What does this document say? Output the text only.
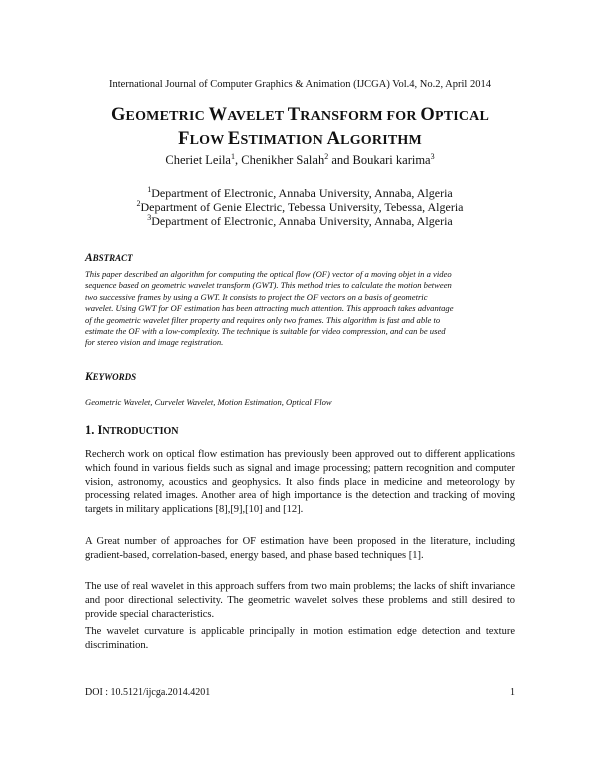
International Journal of Computer Graphics & Animation (IJCGA) Vol.4, No.2, April 2014
GEOMETRIC WAVELET TRANSFORM FOR OPTICAL
FLOW ESTIMATION ALGORITHM
Cheriet Leila$^1$, Chenikher Salah$^2$ and Boukari karima$^3$
$^1$Department of Electronic, Annaba University, Annaba, Algeria
$^2$Department of Genie Electric, Tebessa University, Tebessa, Algeria
$^3$Department of Electronic, Annaba University, Annaba, Algeria
ABSTRACT
This paper described an algorithm for computing the optical flow (OF) vector of a moving objet in a video
sequence based on geometric wavelet transform (GWT). This method tries to calculate the motion between
two successive frames by using a GWT. It consists to project the OF vectors on a basis of geometric
wavelet. Using GWT for OF estimation has been attracting much attention. This approach takes advantage
of the geometric wavelet filter property and requires only two frames. This algorithm is fast and able to
estimate the OF with a low-complexity. The technique is suitable for video compression, and can be used
for stereo vision and image registration.
KEYWORDS
Geometric Wavelet, Curvelet Wavelet, Motion Estimation, Optical Flow
1. INTRODUCTION

Recherch work on optical flow estimation has previously been approved out to different applications which found in various fields such as signal and image processing; pattern recognition and computer vision, astronomy, acoustics and geophysics. It also finds place in medicine and meteorology by processing related images. Another area of high importance is the detection and tracking of moving targets in military applications [8],[9],[10] and [12].

A Great number of approaches for OF estimation have been proposed in the literature, including gradient-based, correlation-based, energy based, and phase based techniques [1].

The use of real wavelet in this approach suffers from two main problems; the lacks of shift invariance and poor directional selectivity. The geometric wavelet solves these problems and still desired to provide special characteristics.

The wavelet curvature is applicable principally in motion estimation edge detection and texture discrimination.

DOI : 10.5121/ijcga.2014.4201	1
